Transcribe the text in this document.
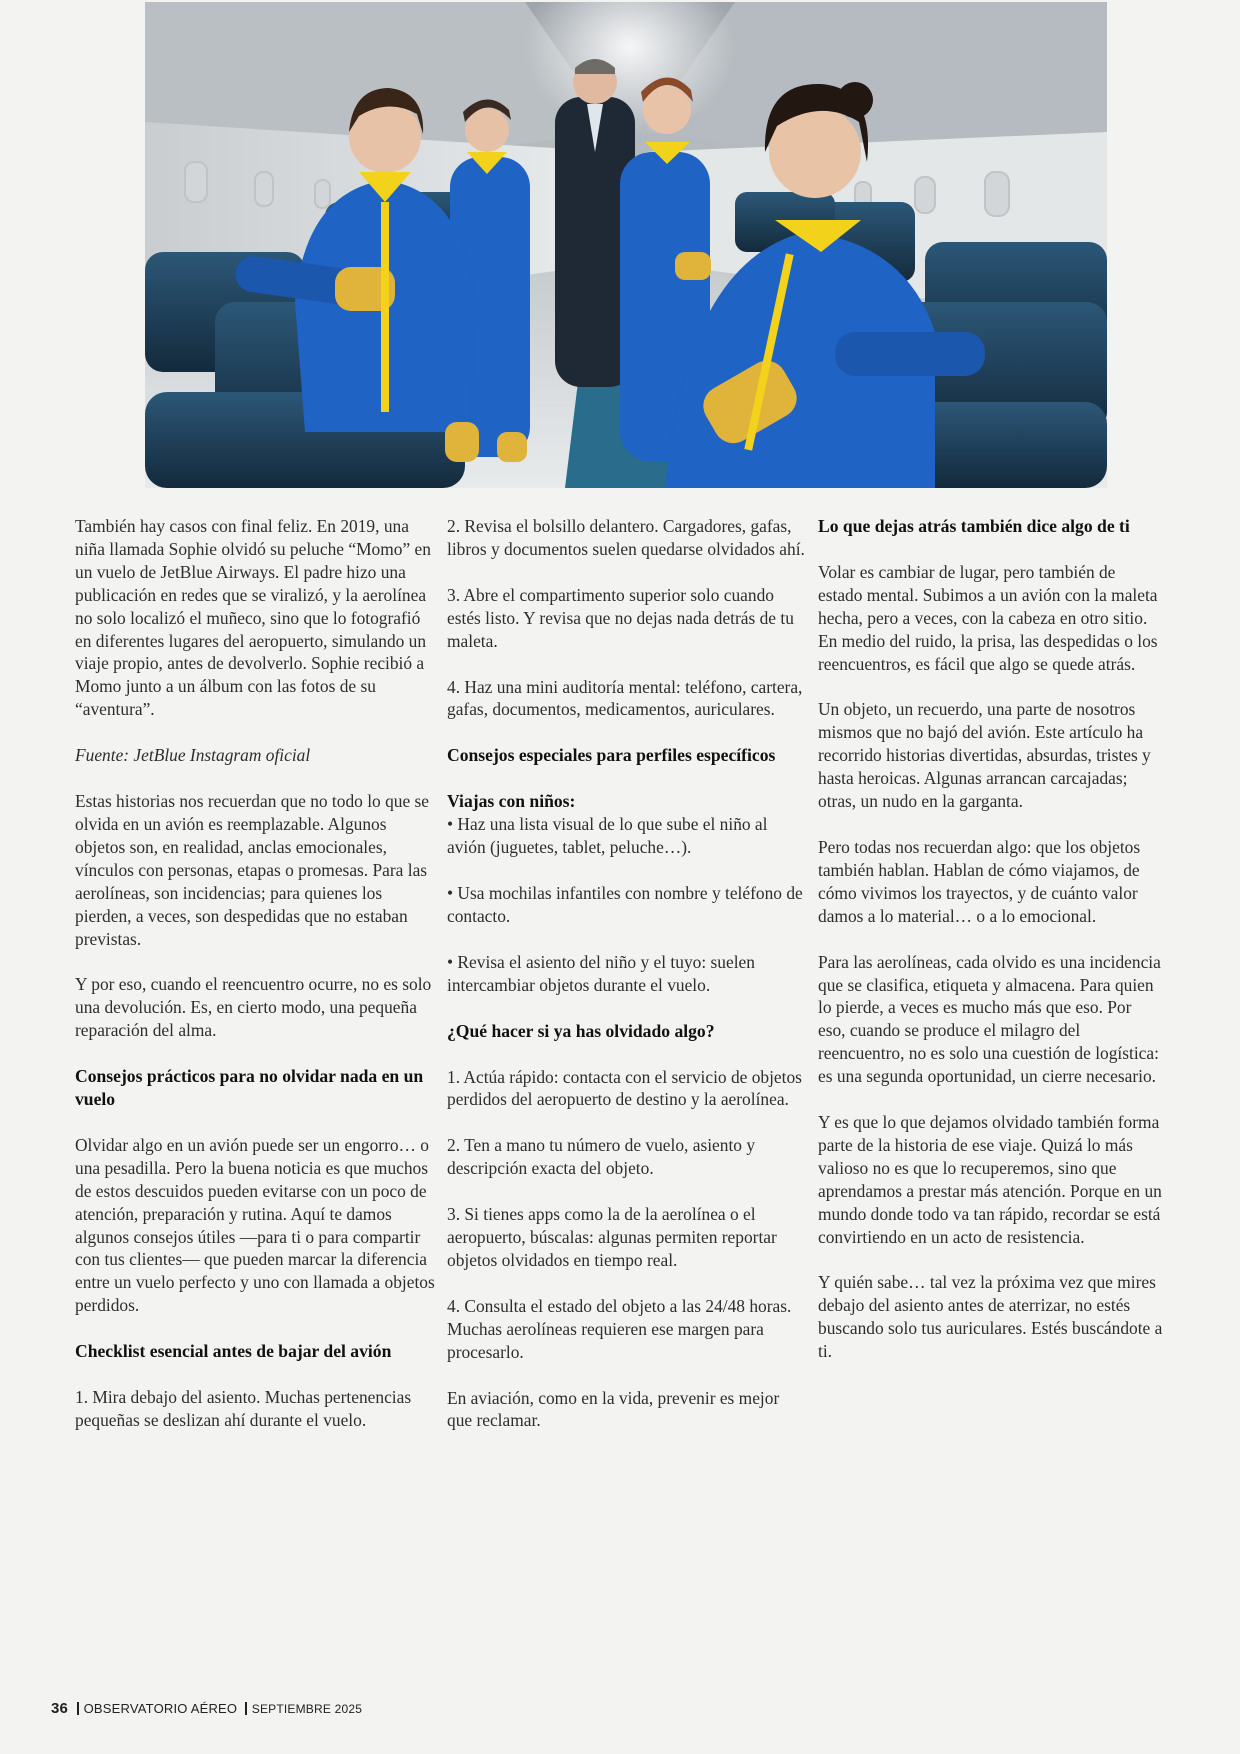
También hay casos con final feliz. En 2019, una niña llamada Sophie olvidó su peluche “Momo” en un vuelo de JetBlue Airways. El padre hizo una publicación en redes que se viralizó, y la aerolínea no solo localizó el muñeco, sino que lo fotografió en diferentes lugares del aeropuerto, simulando un viaje propio, antes de devolverlo. Sophie recibió a Momo junto a un álbum con las fotos de su “aventura”.

Fuente: JetBlue Instagram oficial

Estas historias nos recuerdan que no todo lo que se olvida en un avión es reemplazable. Algunos objetos son, en realidad, anclas emocionales, vínculos con personas, etapas o promesas. Para las aerolíneas, son incidencias; para quienes los pierden, a veces, son despedidas que no estaban previstas.

Y por eso, cuando el reencuentro ocurre, no es solo una devolución. Es, en cierto modo, una pequeña reparación del alma.

Consejos prácticos para no olvidar nada en un vuelo

Olvidar algo en un avión puede ser un engorro… o una pesadilla. Pero la buena noticia es que muchos de estos descuidos pueden evitarse con un poco de atención, preparación y rutina. Aquí te damos algunos consejos útiles —para ti o para compartir con tus clientes— que pueden marcar la diferencia entre un vuelo perfecto y uno con llamada a objetos perdidos.

Checklist esencial antes de bajar del avión

1. Mira debajo del asiento. Muchas pertenencias pequeñas se deslizan ahí durante el vuelo.

2. Revisa el bolsillo delantero. Cargadores, gafas, libros y documentos suelen quedarse olvidados ahí.

3. Abre el compartimento superior solo cuando estés listo. Y revisa que no dejas nada detrás de tu maleta.

4. Haz una mini auditoría mental: teléfono, cartera, gafas, documentos, medicamentos, auriculares.

Consejos especiales para perfiles específicos
Viajas con niños:

• Haz una lista visual de lo que sube el niño al avión (juguetes, tablet, peluche…).

• Usa mochilas infantiles con nombre y teléfono de contacto.

• Revisa el asiento del niño y el tuyo: suelen intercambiar objetos durante el vuelo.

¿Qué hacer si ya has olvidado algo?

1. Actúa rápido: contacta con el servicio de objetos perdidos del aeropuerto de destino y la aerolínea.

2. Ten a mano tu número de vuelo, asiento y descripción exacta del objeto.

3. Si tienes apps como la de la aerolínea o el aeropuerto, búscalas: algunas permiten reportar objetos olvidados en tiempo real.

4. Consulta el estado del objeto a las 24/48 horas. Muchas aerolíneas requieren ese margen para procesarlo.

En aviación, como en la vida, prevenir es mejor que reclamar.

Lo que dejas atrás también dice algo de ti

Volar es cambiar de lugar, pero también de estado mental. Subimos a un avión con la maleta hecha, pero a veces, con la cabeza en otro sitio. En medio del ruido, la prisa, las despedidas o los reencuentros, es fácil que algo se quede atrás.

Un objeto, un recuerdo, una parte de nosotros mismos que no bajó del avión. Este artículo ha recorrido historias divertidas, absurdas, tristes y hasta heroicas. Algunas arrancan carcajadas; otras, un nudo en la garganta.

Pero todas nos recuerdan algo: que los objetos también hablan. Hablan de cómo viajamos, de cómo vivimos los trayectos, y de cuánto valor damos a lo material… o a lo emocional.

Para las aerolíneas, cada olvido es una incidencia que se clasifica, etiqueta y almacena. Para quien lo pierde, a veces es mucho más que eso. Por eso, cuando se produce el milagro del reencuentro, no es solo una cuestión de logística: es una segunda oportunidad, un cierre necesario.

Y es que lo que dejamos olvidado también forma parte de la historia de ese viaje. Quizá lo más valioso no es que lo recuperemos, sino que aprendamos a prestar más atención. Porque en un mundo donde todo va tan rápido, recordar se está convirtiendo en un acto de resistencia.

Y quién sabe… tal vez la próxima vez que mires debajo del asiento antes de aterrizar, no estés buscando solo tus auriculares. Estés buscándote a ti.

36 OBSERVATORIO AÉREO SEPTIEMBRE 2025
